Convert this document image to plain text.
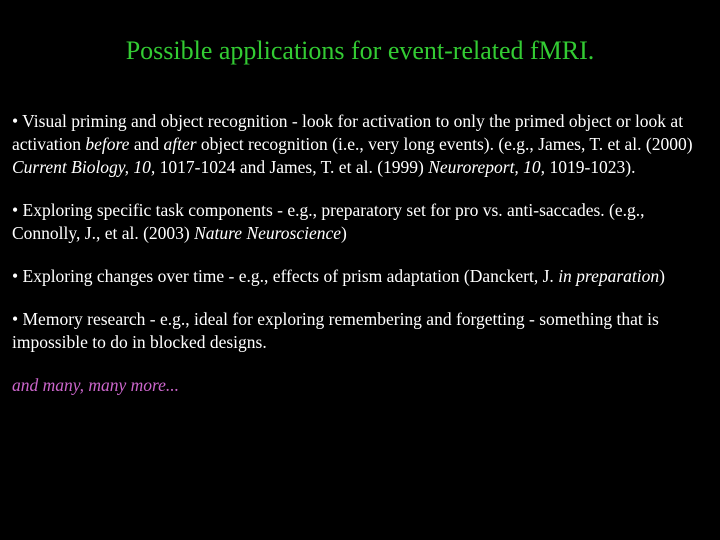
Possible applications for event-related fMRI.

• Visual priming and object recognition - look for activation to only the primed object or look at activation before and after object recognition (i.e., very long events). (e.g., James, T. et al. (2000) Current Biology, 10, 1017-1024 and James, T. et al. (1999) Neuroreport, 10, 1019-1023).

• Exploring specific task components - e.g., preparatory set for pro vs. anti-saccades. (e.g., Connolly, J., et al. (2003) Nature Neuroscience)

• Exploring changes over time - e.g., effects of prism adaptation (Danckert, J. in preparation)

• Memory research - e.g., ideal for exploring remembering and forgetting - something that is impossible to do in blocked designs.

and many, many more...
